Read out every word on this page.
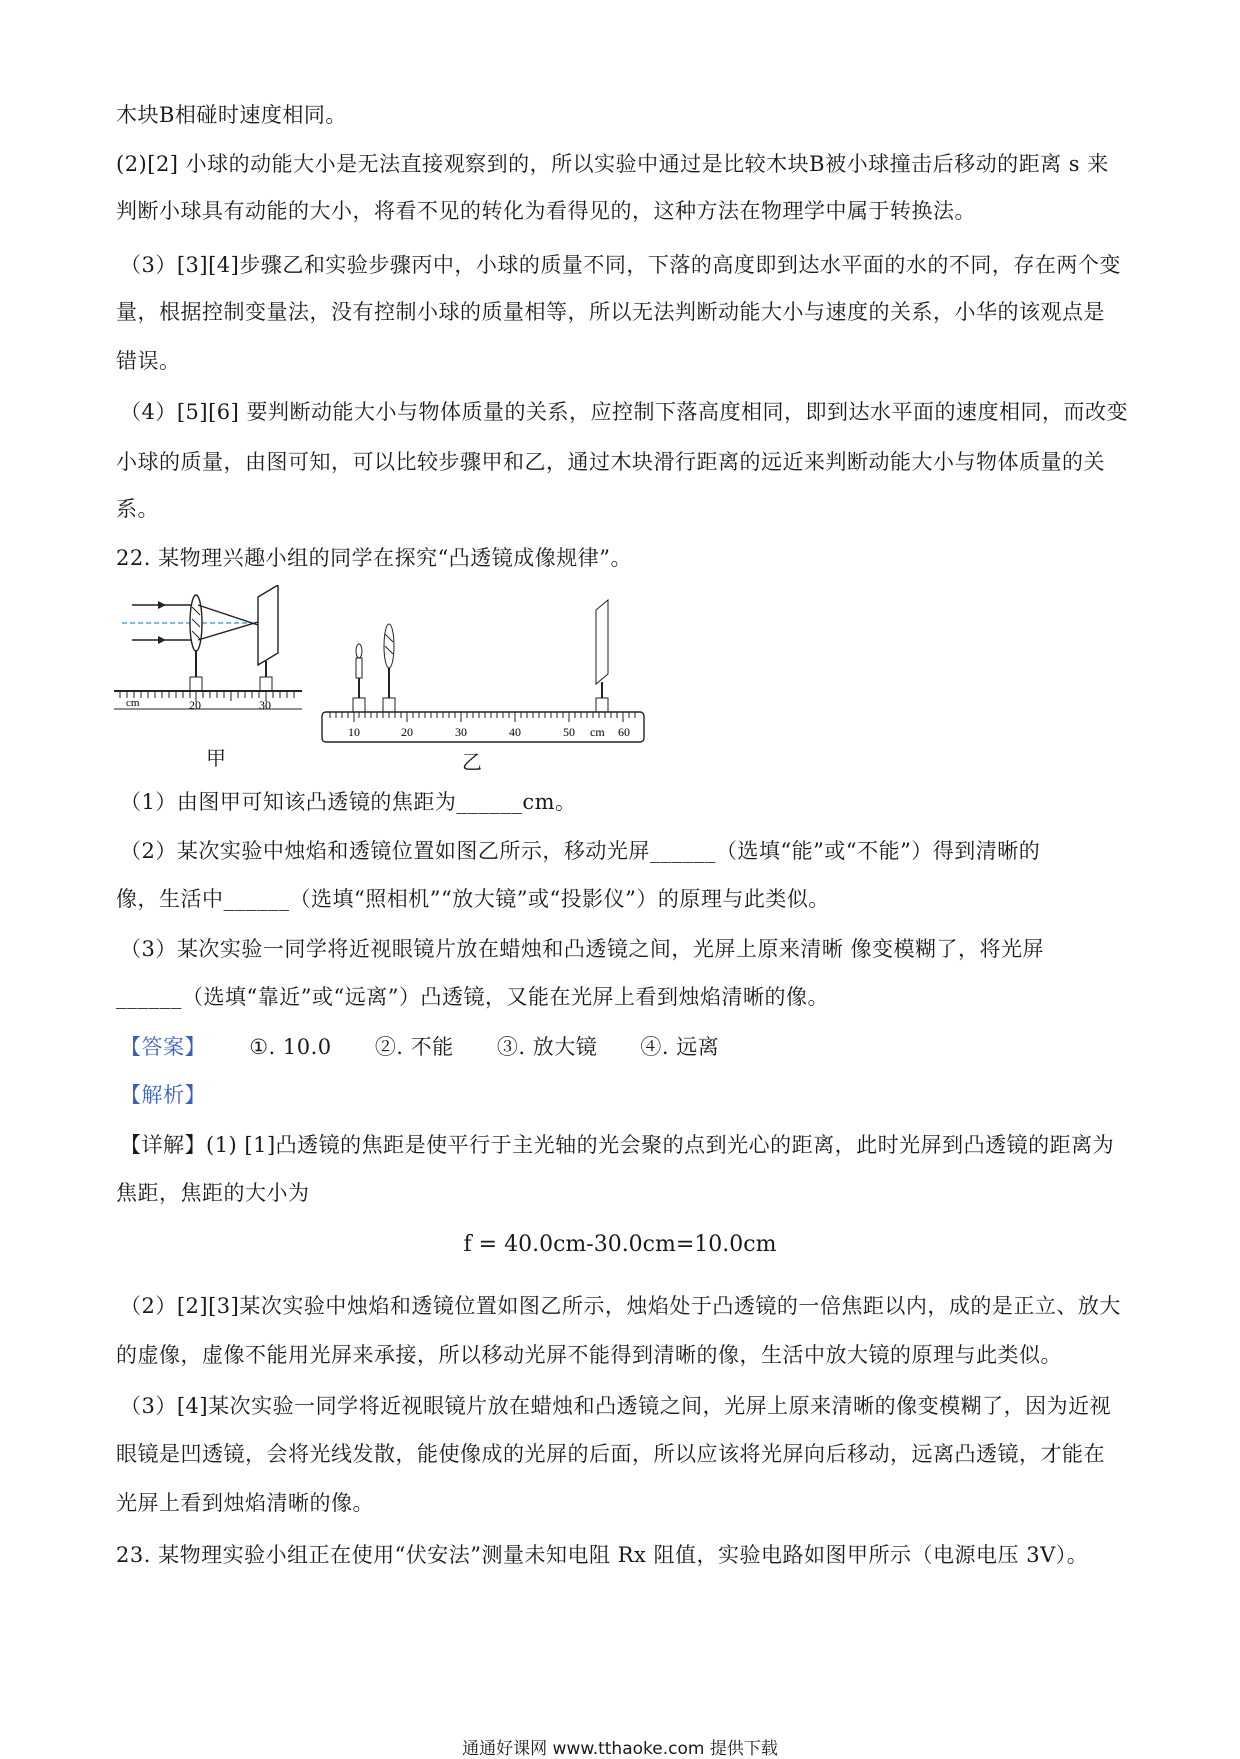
木块B相碰时速度相同。
(2)[2] 小球的动能大小是无法直接观察到的，所以实验中通过是比较木块B被小球撞击后移动的距离 s 来
判断小球具有动能的大小，将看不见的转化为看得见的，这种方法在物理学中属于转换法。
（3）[3][4]步骤乙和实验步骤丙中，小球的质量不同，下落的高度即到达水平面的水的不同，存在两个变
量，根据控制变量法，没有控制小球的质量相等，所以无法判断动能大小与速度的关系，小华的该观点是
错误。
（4）[5][6] 要判断动能大小与物体质量的关系，应控制下落高度相同，即到达水平面的速度相同，而改变
小球的质量，由图可知，可以比较步骤甲和乙，通过木块滑行距离的远近来判断动能大小与物体质量的关
系。
22. 某物理兴趣小组的同学在探究“凸透镜成像规律”。
cm	20	30
甲
10	20	30	40	50 cm 60
乙
（1）由图甲可知该凸透镜的焦距为______cm。
（2）某次实验中烛焰和透镜位置如图乙所示，移动光屏______（选填“能”或“不能”）得到清晰的
像，生活中______（选填“照相机”“放大镜”或“投影仪”）的原理与此类似。
（3）某次实验一同学将近视眼镜片放在蜡烛和凸透镜之间，光屏上原来清晰 像变模糊了，将光屏
______（选填“靠近”或“远离”）凸透镜，又能在光屏上看到烛焰清晰的像。
【答案】 ①. 10.0 ②. 不能 ③. 放大镜 ④. 远离
【解析】
【详解】(1) [1]凸透镜的焦距是使平行于主光轴的光会聚的点到光心的距离，此时光屏到凸透镜的距离为
焦距，焦距的大小为
f = 40.0cm-30.0cm=10.0cm
（2）[2][3]某次实验中烛焰和透镜位置如图乙所示，烛焰处于凸透镜的一倍焦距以内，成的是正立、放大
的虚像，虚像不能用光屏来承接，所以移动光屏不能得到清晰的像，生活中放大镜的原理与此类似。
（3）[4]某次实验一同学将近视眼镜片放在蜡烛和凸透镜之间，光屏上原来清晰的像变模糊了，因为近视
眼镜是凹透镜，会将光线发散，能使像成的光屏的后面，所以应该将光屏向后移动，远离凸透镜，才能在
光屏上看到烛焰清晰的像。
23. 某物理实验小组正在使用“伏安法”测量未知电阻 Rx 阻值，实验电路如图甲所示（电源电压 3V）。
通通好课网 www.tthaoke.com 提供下载
